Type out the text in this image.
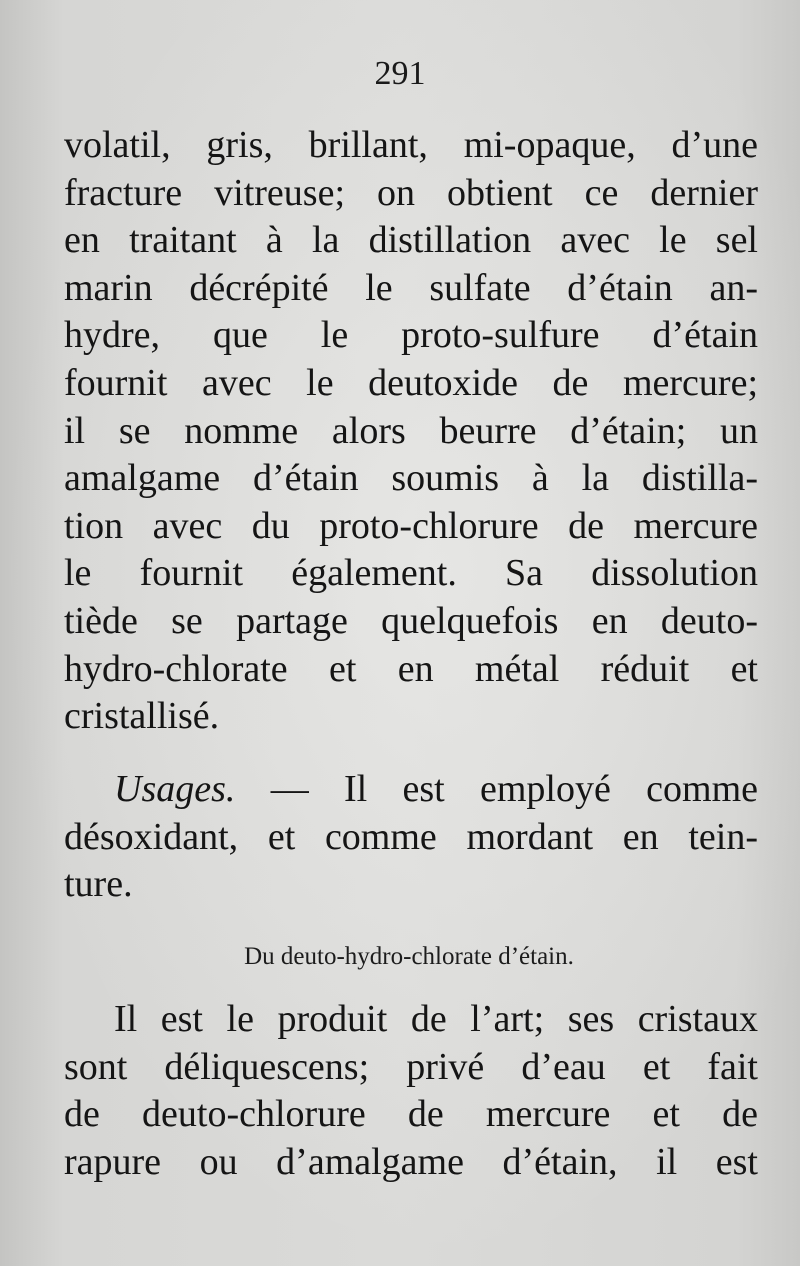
291
volatil, gris, brillant, mi-opaque, d’une
fracture vitreuse; on obtient ce dernier
en traitant à la distillation avec le sel
marin décrépité le sulfate d’étain an-
hydre, que le proto-sulfure d’étain
fournit avec le deutoxide de mercure;
il se nomme alors beurre d’étain; un
amalgame d’étain soumis à la distilla-
tion avec du proto-chlorure de mercure
le fournit également. Sa dissolution
tiède se partage quelquefois en deuto-
hydro-chlorate et en métal réduit et
cristallisé.
Usages. — Il est employé comme
désoxidant, et comme mordant en tein-
ture.
Du deuto-hydro-chlorate d’étain.
Il est le produit de l’art; ses cristaux
sont déliquescens; privé d’eau et fait
de deuto-chlorure de mercure et de
rapure ou d’amalgame d’étain, il est
